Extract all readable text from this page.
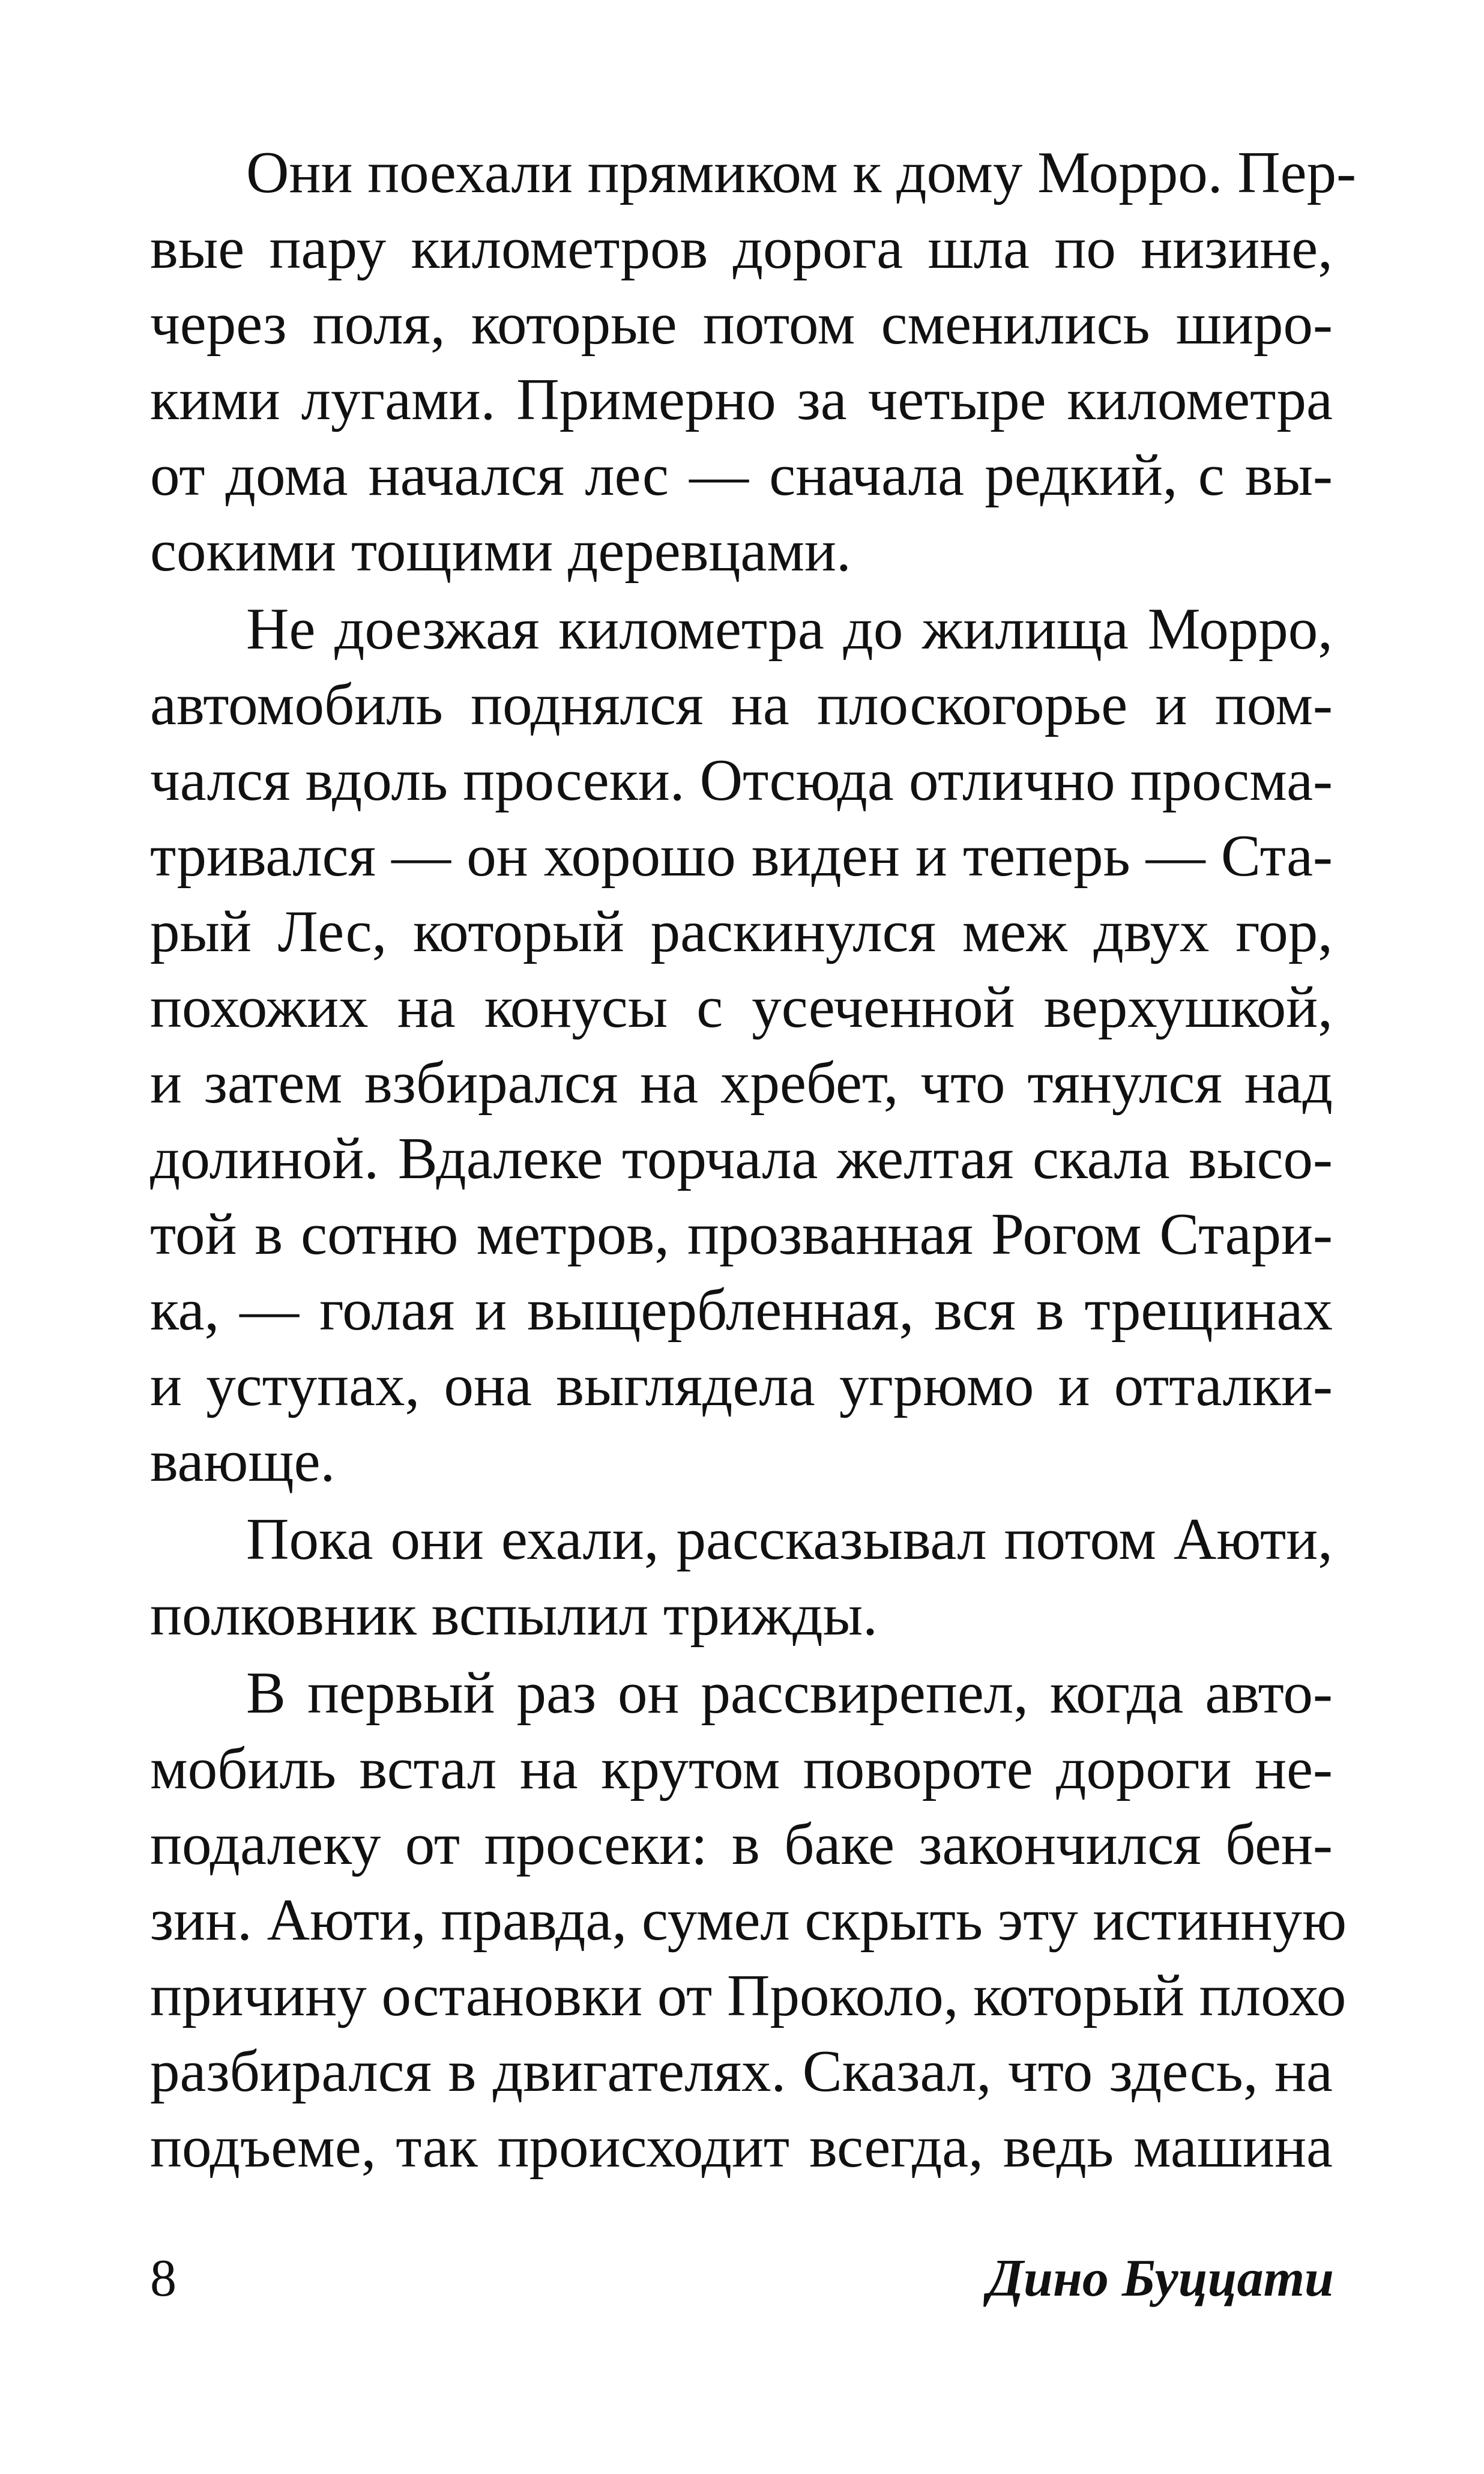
Они поехали прямиком к дому Морро. Пер-
вые пару километров дорога шла по низине,
через поля, которые потом сменились широ-
кими лугами. Примерно за четыре километра
от дома начался лес — сначала редкий, с вы-
сокими тощими деревцами.
Не доезжая километра до жилища Морро,
автомобиль поднялся на плоскогорье и пом-
чался вдоль просеки. Отсюда отлично просма-
тривался — он хорошо виден и теперь — Ста-
рый Лес, который раскинулся меж двух гор,
похожих на конусы с усеченной верхушкой,
и затем взбирался на хребет, что тянулся над
долиной. Вдалеке торчала желтая скала высо-
той в сотню метров, прозванная Рогом Стари-
ка, — голая и выщербленная, вся в трещинах
и уступах, она выглядела угрюмо и отталки-
вающе.
Пока они ехали, рассказывал потом Аюти,
полковник вспылил трижды.
В первый раз он рассвирепел, когда авто-
мобиль встал на крутом повороте дороги не-
подалеку от просеки: в баке закончился бен-
зин. Аюти, правда, сумел скрыть эту истинную
причину остановки от Проколо, который плохо
разбирался в двигателях. Сказал, что здесь, на
подъеме, так происходит всегда, ведь машина
8	Дино Буццати
